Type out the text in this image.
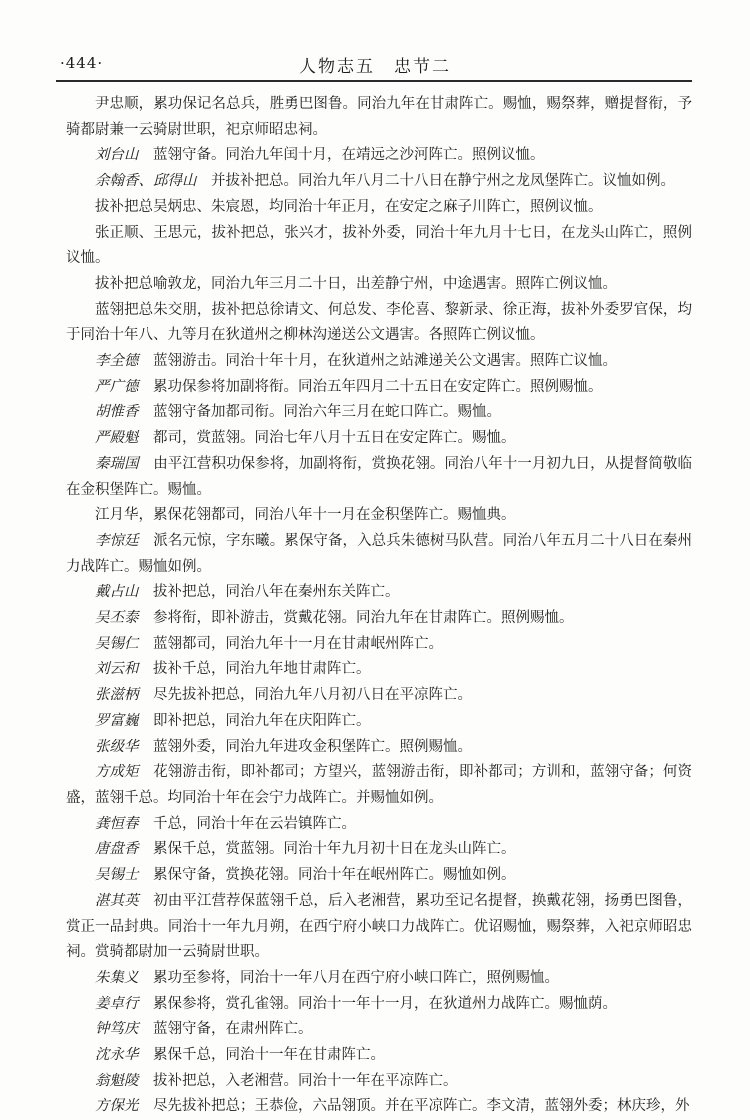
·444·	人物志五　忠节二

尹忠顺，累功保记名总兵，胜勇巴图鲁。同治九年在甘肃阵亡。赐恤，赐祭葬，赠提督衔，予骑都尉兼一云骑尉世职，祀京师昭忠祠。

刘台山　蓝翎守备。同治九年闰十月，在靖远之沙河阵亡。照例议恤。

余翰香、邱得山　并拔补把总。同治九年八月二十八日在静宁州之龙凤堡阵亡。议恤如例。

拔补把总吴炳忠、朱宸恩，均同治十年正月，在安定之麻子川阵亡，照例议恤。

张正顺、王思元，拔补把总，张兴才，拔补外委，同治十年九月十七日，在龙头山阵亡，照例议恤。

拔补把总喻敦龙，同治九年三月二十日，出差静宁州，中途遇害。照阵亡例议恤。

蓝翎把总朱交朋，拔补把总徐请文、何总发、李伦喜、黎新录、徐正海，拔补外委罗官保，均于同治十年八、九等月在狄道州之柳林沟递送公文遇害。各照阵亡例议恤。

李全德　蓝翎游击。同治十年十月，在狄道州之站滩递关公文遇害。照阵亡议恤。

严广德　累功保参将加副将衔。同治五年四月二十五日在安定阵亡。照例赐恤。

胡惟香　蓝翎守备加都司衔。同治六年三月在蛇口阵亡。赐恤。

严殿魁　都司，赏蓝翎。同治七年八月十五日在安定阵亡。赐恤。

秦瑞国　由平江营积功保参将，加副将衔，赏换花翎。同治八年十一月初九日，从提督简敬临在金积堡阵亡。赐恤。

江月华，累保花翎都司，同治八年十一月在金积堡阵亡。赐恤典。

李惊廷　派名元惊，字东曦。累保守备，入总兵朱德树马队营。同治八年五月二十八日在秦州力战阵亡。赐恤如例。

戴占山　拔补把总，同治八年在秦州东关阵亡。

吴丕泰　参将衔，即补游击，赏戴花翎。同治九年在甘肃阵亡。照例赐恤。

吴锡仁　蓝翎都司，同治九年十一月在甘肃岷州阵亡。

刘云和　拔补千总，同治九年地甘肃阵亡。

张滋柄　尽先拔补把总，同治九年八月初八日在平凉阵亡。

罗富巍　即补把总，同治九年在庆阳阵亡。

张级华　蓝翎外委，同治九年进攻金积堡阵亡。照例赐恤。

方成矩　花翎游击衔，即补都司；方望兴，蓝翎游击衔，即补都司；方训和，蓝翎守备；何资盛，蓝翎千总。均同治十年在会宁力战阵亡。并赐恤如例。

龚恒春　千总，同治十年在云岩镇阵亡。

唐盘香　累保千总，赏蓝翎。同治十年九月初十日在龙头山阵亡。

吴锡士　累保守备，赏换花翎。同治十年在岷州阵亡。赐恤如例。

湛其英　初由平江营荐保蓝翎千总，后入老湘营，累功至记名提督，换戴花翎，扬勇巴图鲁，赏正一品封典。同治十一年九月朔，在西宁府小峡口力战阵亡。优诏赐恤，赐祭葬，入祀京师昭忠祠。赏骑都尉加一云骑尉世职。

朱集义　累功至参将，同治十一年八月在西宁府小峡口阵亡，照例赐恤。

姜卓行　累保参将，赏孔雀翎。同治十一年十一月，在狄道州力战阵亡。赐恤荫。

钟笃庆　蓝翎守备，在肃州阵亡。

沈永华　累保千总，同治十一年在甘肃阵亡。

翁魁陵　拔补把总，入老湘营。同治十一年在平凉阵亡。

方保光　尽先拔补把总；王恭俭，六品翎顶。并在平凉阵亡。李文清，蓝翎外委；林庆珍，外
